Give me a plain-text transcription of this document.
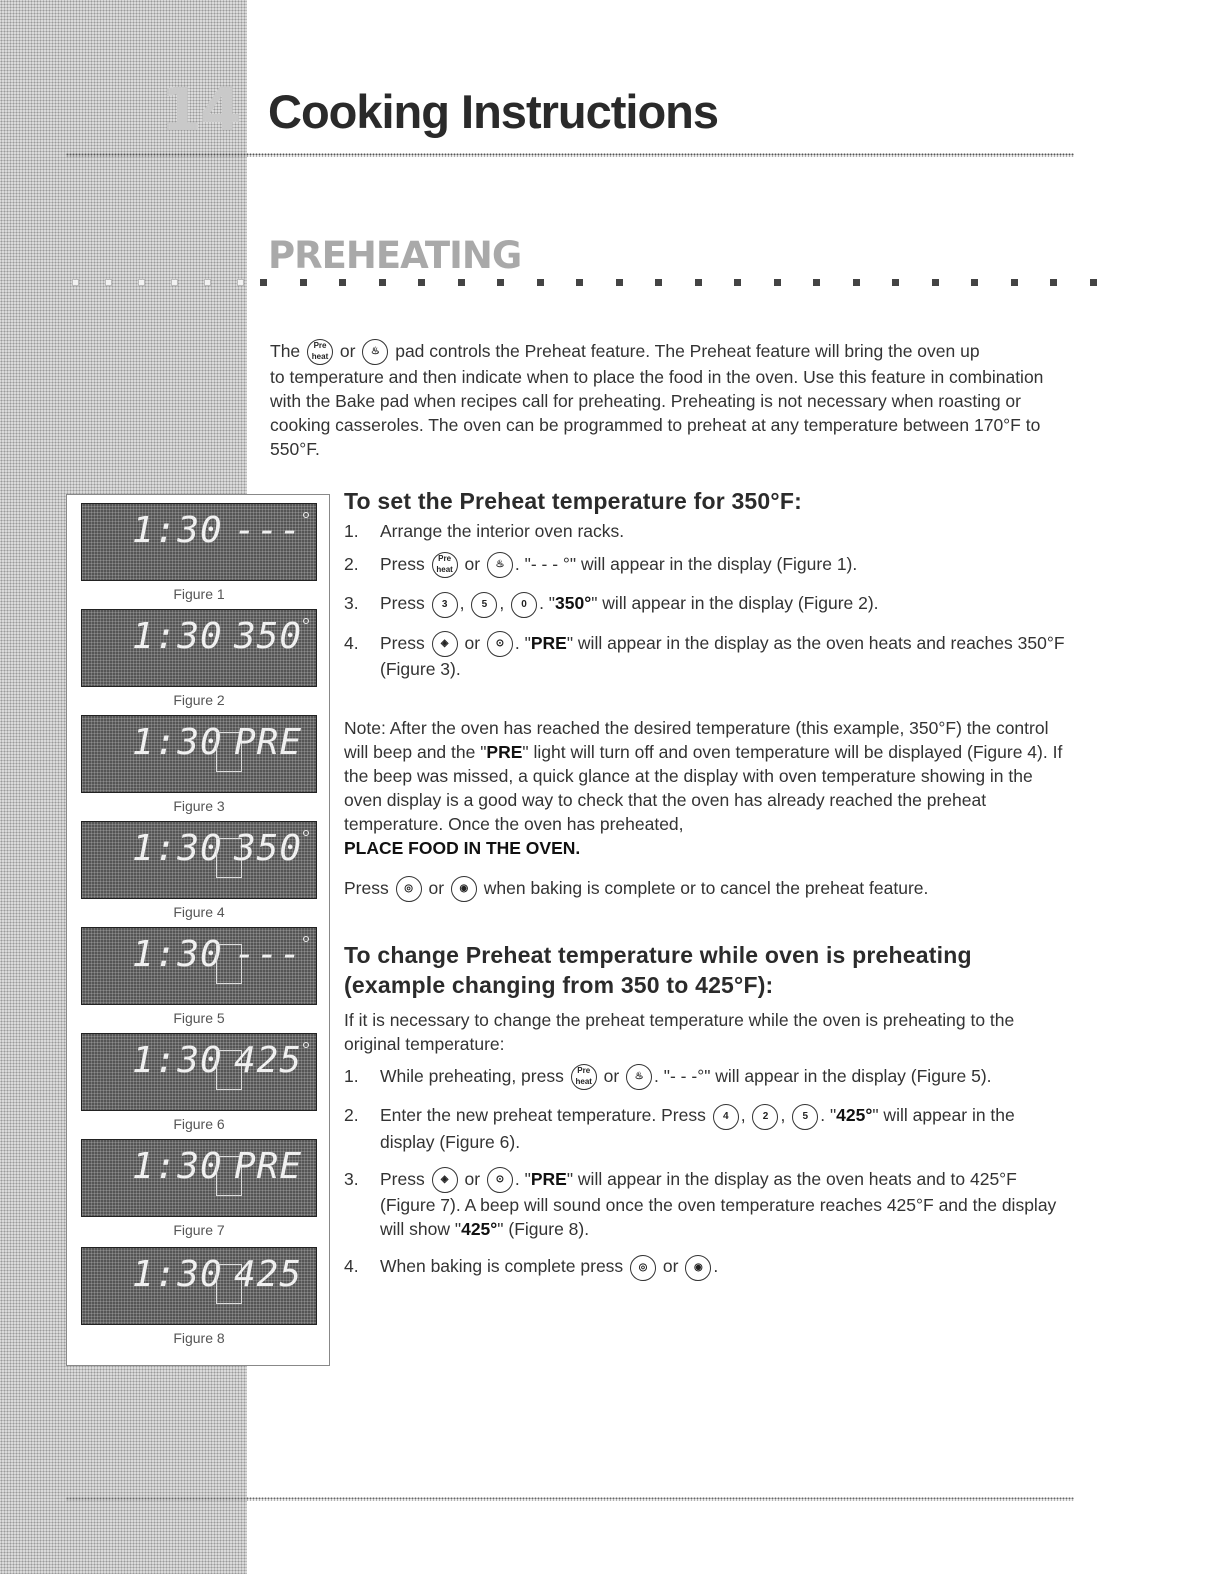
14 Cooking Instructions
PREHEATING
The Pre heat or ♨ pad controls the Preheat feature. The Preheat feature will bring the oven up
to temperature and then indicate when to place the food in the oven. Use this feature in combination with the Bake pad when recipes call for preheating. Preheating is not necessary when roasting or cooking casseroles. The oven can be programmed to preheat at any temperature between 170°F to 550°F.
1:30 ---
Figure 1
1:30 350
Figure 2
1:30 PRE
Figure 3
1:30 350
Figure 4
1:30 ---
Figure 5
1:30 425
Figure 6
1:30 PRE
Figure 7
1:30 425
Figure 8
To set the Preheat temperature for 350°F:
1. Arrange the interior oven racks.
2. Press Pre heat or ♨ . "- - - °" will appear in the display (Figure 1).
3. Press 3 , 5 , 0 . "350°" will appear in the display (Figure 2).
4. Press ◈ or ⊙ . "PRE" will appear in the display as the oven heats and reaches 350°F (Figure 3).
Note: After the oven has reached the desired temperature (this example, 350°F) the control will beep and the "PRE" light will turn off and oven temperature will be displayed (Figure 4). If the beep was missed, a quick glance at the display with oven temperature showing in the oven display is a good way to check that the oven has already reached the preheat temperature. Once the oven has preheated,
PLACE FOOD IN THE OVEN.
Press ◎ or ◉ when baking is complete or to cancel the preheat feature.
To change Preheat temperature while oven is preheating
(example changing from 350 to 425°F):
If it is necessary to change the preheat temperature while the oven is preheating to the original temperature:
1. While preheating, press Pre heat or ♨ . "- - -°" will appear in the display (Figure 5).
2. Enter the new preheat temperature. Press 4 , 2 , 5 . "425°" will appear in the display (Figure 6).
3. Press ◈ or ⊙ . "PRE" will appear in the display as the oven heats and to 425°F (Figure 7). A beep will sound once the oven temperature reaches 425°F and the display will show "425°" (Figure 8).
4. When baking is complete press ◎ or ◉ .
